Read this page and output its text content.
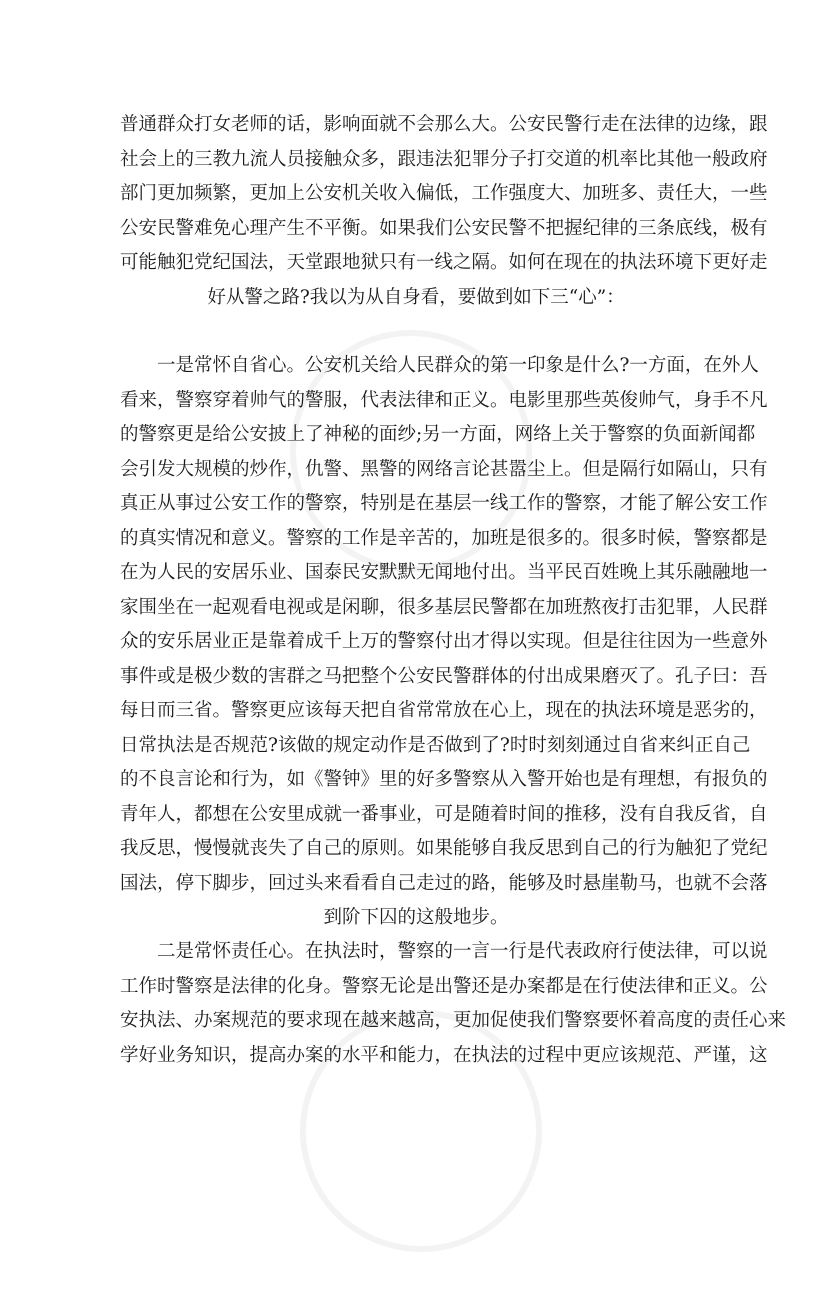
普通群众打女老师的话，影响面就不会那么大。公安民警行走在法律的边缘，跟
社会上的三教九流人员接触众多，跟违法犯罪分子打交道的机率比其他一般政府
部门更加频繁，更加上公安机关收入偏低，工作强度大、加班多、责任大，一些
公安民警难免心理产生不平衡。如果我们公安民警不把握纪律的三条底线，极有
可能触犯党纪国法，天堂跟地狱只有一线之隔。如何在现在的执法环境下更好走
好从警之路?我以为从自身看，要做到如下三“心”：
一是常怀自省心。公安机关给人民群众的第一印象是什么?一方面，在外人
看来，警察穿着帅气的警服，代表法律和正义。电影里那些英俊帅气，身手不凡
的警察更是给公安披上了神秘的面纱;另一方面，网络上关于警察的负面新闻都
会引发大规模的炒作，仇警、黑警的网络言论甚嚣尘上。但是隔行如隔山，只有
真正从事过公安工作的警察，特别是在基层一线工作的警察，才能了解公安工作
的真实情况和意义。警察的工作是辛苦的，加班是很多的。很多时候，警察都是
在为人民的安居乐业、国泰民安默默无闻地付出。当平民百姓晚上其乐融融地一
家围坐在一起观看电视或是闲聊，很多基层民警都在加班熬夜打击犯罪，人民群
众的安乐居业正是靠着成千上万的警察付出才得以实现。但是往往因为一些意外
事件或是极少数的害群之马把整个公安民警群体的付出成果磨灭了。孔子曰：吾
每日而三省。警察更应该每天把自省常常放在心上，现在的执法环境是恶劣的，
日常执法是否规范?该做的规定动作是否做到了?时时刻刻通过自省来纠正自己
的不良言论和行为，如《警钟》里的好多警察从入警开始也是有理想，有报负的
青年人，都想在公安里成就一番事业，可是随着时间的推移，没有自我反省，自
我反思，慢慢就丧失了自己的原则。如果能够自我反思到自己的行为触犯了党纪
国法，停下脚步，回过头来看看自己走过的路，能够及时悬崖勒马，也就不会落
到阶下囚的这般地步。
二是常怀责任心。在执法时，警察的一言一行是代表政府行使法律，可以说
工作时警察是法律的化身。警察无论是出警还是办案都是在行使法律和正义。公
安执法、办案规范的要求现在越来越高，更加促使我们警察要怀着高度的责任心来
学好业务知识，提高办案的水平和能力，在执法的过程中更应该规范、严谨，这
